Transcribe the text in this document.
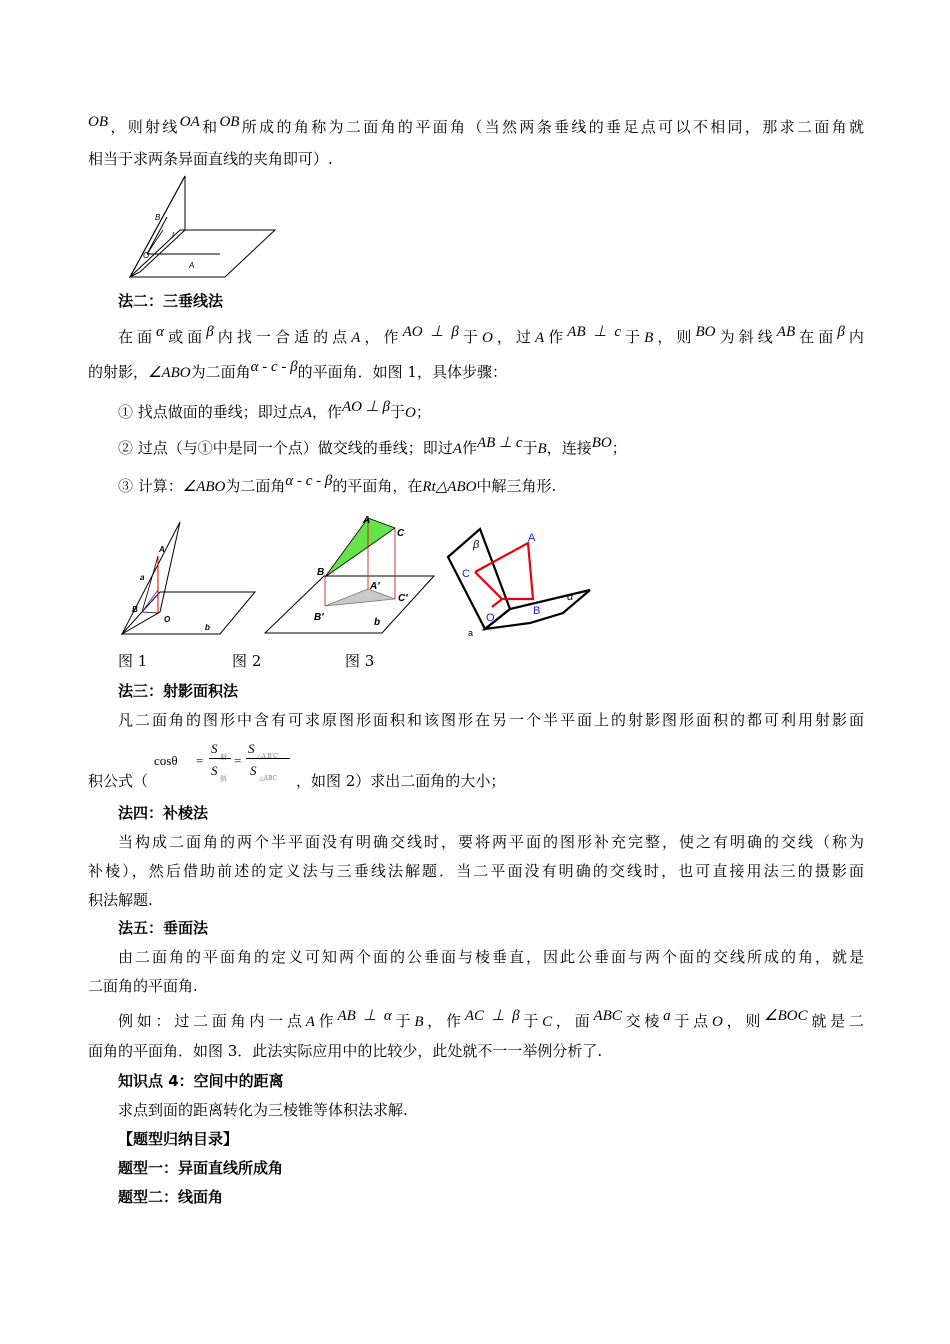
OB，则射线OA和OB所成的角称为二面角的平面角（当然两条垂线的垂足点可以不相同，那求二面角就
相当于求两条异面直线的夹角即可）.
B
l
O
A
法二：三垂线法
在面α或面β内找一合适的点A，作AO ⊥ β于O，过A作AB ⊥ c于B，则BO为斜线AB在面β内
的射影，∠ABO为二面角α - c - β的平面角．如图 1，具体步骤：
① 找点做面的垂线；即过点A，作AO ⊥ β于O；
② 过点（与①中是同一个点）做交线的垂线；即过A作AB ⊥ c于B，连接BO；
③ 计算：∠ABO为二面角α - c - β的平面角，在Rt△ABO中解三角形.
A
a
B
O
b
A
C
B
A′
C′
B′	b
β
A
C
O
B
α
a
图 1	图 2	图 3
法三：射影面积法
凡二面角的图形中含有可求原图形面积和该图形在另一个半平面上的射影图形面积的都可利用射影面
积公式（
cosθ =
S
射
S
斜
=
S
△A′B′C′
S
△ABC ，如图 2）求出二面角的大小；
法四：补棱法
当构成二面角的两个半平面没有明确交线时，要将两平面的图形补充完整，使之有明确的交线（称为
补棱），然后借助前述的定义法与三垂线法解题．当二平面没有明确的交线时，也可直接用法三的摄影面
积法解题.
法五：垂面法
由二面角的平面角的定义可知两个面的公垂面与棱垂直，因此公垂面与两个面的交线所成的角，就是
二面角的平面角.
例如：过二面角内一点A作AB ⊥ α于B，作AC ⊥ β于C，面ABC交棱a于点O，则∠BOC就是二
面角的平面角．如图 3．此法实际应用中的比较少，此处就不一一举例分析了.
知识点 4：空间中的距离
求点到面的距离转化为三棱锥等体积法求解.
【题型归纳目录】
题型一：异面直线所成角
题型二：线面角
